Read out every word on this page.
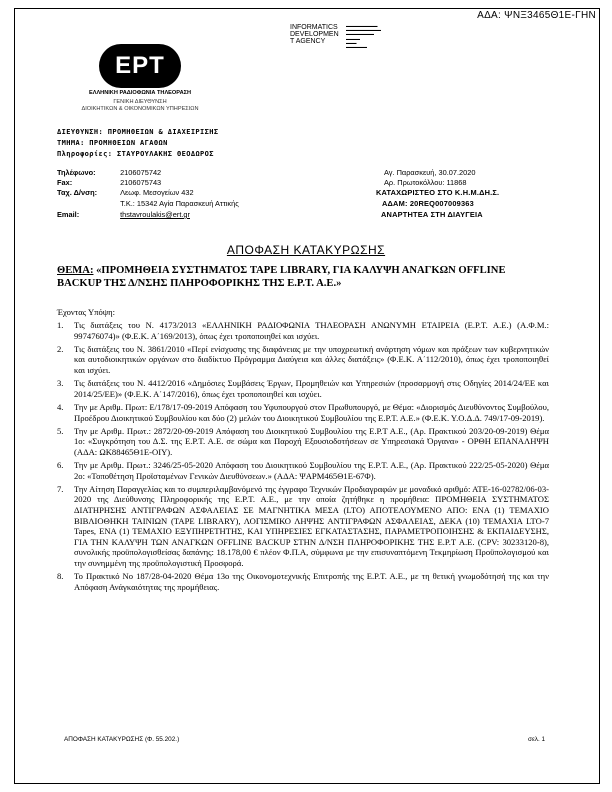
ΑΔΑ: ΨΝΞ3465Θ1Ε-ΓΗΝ
INFORMATICS
DEVELOPMEN
T AGENCY
▬▬▬▬▬▬▬▬▬
▬▬▬▬▬▬▬▬▬▬
▬▬▬▬▬▬▬▬
▬▬▬▬
▬▬▬
▬▬▬▬▬▬
ΕΡΤ
ΕΛΛΗΝΙΚΗ ΡΑΔΙΟΦΩΝΙΑ ΤΗΛΕΟΡΑΣΗ
ΓΕΝΙΚΗ ΔΙΕΥΘΥΝΣΗ
ΔΙΟΙΚΗΤΙΚΩΝ & ΟΙΚΟΝΟΜΙΚΩΝ ΥΠΗΡΕΣΙΩΝ
ΔΙΕΥΘΥΝΣΗ: ΠΡΟΜΗΘΕΙΩΝ & ΔΙΑΧΕΙΡΙΣΗΣ
ΤΜΗΜΑ: ΠΡΟΜΗΘΕΙΩΝ ΑΓΑΘΩΝ
Πληροφορίες: ΣΤΑΥΡΟΥΛΑΚΗΣ ΘΕΟΔΩΡΟΣ
Τηλέφωνο:	2106075742
Fax:	2106075743
Ταχ. Δ/νση:	Λεωφ. Μεσογείων 432
Τ.Κ.: 15342 Αγία Παρασκευή Αττικής
Email:	thstavroulakis@ert.gr
Αγ. Παρασκευή, 30.07.2020
Αρ. Πρωτοκόλλου: 11868
ΚΑΤΑΧΩΡΙΣΤΕΟ ΣΤΟ Κ.Η.Μ.ΔΗ.Σ.
ΑΔΑΜ: 20REQ007009363
ΑΝΑΡΤΗΤΕΑ ΣΤΗ ΔΙΑΥΓΕΙΑ
ΑΠΟΦΑΣΗ ΚΑΤΑΚΥΡΩΣΗΣ
ΘΕΜΑ: «ΠΡΟΜΗΘΕΙΑ ΣΥΣΤΗΜΑΤΟΣ TAPE LIBRARY, ΓΙΑ ΚΑΛΥΨΗ ΑΝΑΓΚΩΝ OFFLINE BACKUP ΤΗΣ Δ/ΝΣΗΣ ΠΛΗΡΟΦΟΡΙΚΗΣ ΤΗΣ Ε.Ρ.Τ. Α.Ε.»
Έχοντας Υπόψη:
1.	Τις διατάξεις του Ν. 4173/2013 «ΕΛΛΗΝΙΚΗ ΡΑΔΙΟΦΩΝΙΑ ΤΗΛΕΟΡΑΣΗ ΑΝΩΝΥΜΗ ΕΤΑΙΡΕΙΑ (Ε.Ρ.Τ. Α.Ε.) (Α.Φ.Μ.: 997476074)» (Φ.Ε.Κ. Α΄169/2013), όπως έχει τροποποιηθεί και ισχύει.
2.	Τις διατάξεις του Ν. 3861/2010 «Περί ενίσχυσης της διαφάνειας με την υποχρεωτική ανάρτηση νόμων και πράξεων των κυβερνητικών και αυτοδιοικητικών οργάνων στο διαδίκτυο Πρόγραμμα Διαύγεια και άλλες διατάξεις» (Φ.Ε.Κ. Α΄112/2010), όπως έχει τροποποιηθεί και ισχύει.
3.	Τις διατάξεις του Ν. 4412/2016 «Δημόσιες Συμβάσεις Έργων, Προμηθειών και Υπηρεσιών (προσαρμογή στις Οδηγίες 2014/24/ΕΕ και 2014/25/ΕΕ)» (Φ.Ε.Κ. Α΄147/2016), όπως έχει τροποποιηθεί και ισχύει.
4.	Την με Αριθμ. Πρωτ: Ε/178/17-09-2019 Απόφαση του Υφυπουργού στον Πρωθυπουργό, με Θέμα: «Διορισμός Διευθύνοντος Συμβούλου, Προέδρου Διοικητικού Συμβουλίου και δύο (2) μελών του Διοικητικού Συμβουλίου της Ε.Ρ.Τ. Α.Ε.» (Φ.Ε.Κ. Υ.Ο.Δ.Δ. 749/17-09-2019).
5.	Την με Αριθμ. Πρωτ.: 2872/20-09-2019 Απόφαση του Διοικητικού Συμβουλίου της Ε.Ρ.Τ Α.Ε., (Αρ. Πρακτικού 203/20-09-2019) Θέμα 1ο: «Συγκρότηση του Δ.Σ. της Ε.Ρ.Τ. Α.Ε. σε σώμα και Παροχή Εξουσιοδοτήσεων σε Υπηρεσιακά Όργανα» - ΟΡΘΗ ΕΠΑΝΑΛΗΨΗ (ΑΔΑ: ΩΚ88465Θ1Ε-ΟΙΥ).
6.	Την με Αριθμ. Πρωτ.: 3246/25-05-2020 Απόφαση του Διοικητικού Συμβουλίου της Ε.Ρ.Τ. Α.Ε., (Αρ. Πρακτικού 222/25-05-2020) Θέμα 2ο: «Τοποθέτηση Προϊσταμένων Γενικών Διευθύνσεων.» (ΑΔΑ: ΨΑΡΜ465Θ1Ε-67Φ).
7.	Την Αίτηση Παραγγελίας και το συμπεριλαμβανόμενό της έγγραφο Τεχνικών Προδιαγραφών με μοναδικό αριθμό: ΑΤΕ-16-02782/06-03-2020 της Διεύθυνσης Πληροφορικής της Ε.Ρ.Τ. Α.Ε., με την οποία ζητήθηκε η προμήθεια: ΠΡΟΜΗΘΕΙΑ ΣΥΣΤΗΜΑΤΟΣ ΔΙΑΤΗΡΗΣΗΣ ΑΝΤΙΓΡΑΦΩΝ ΑΣΦΑΛΕΙΑΣ ΣΕ ΜΑΓΝΗΤΙΚΑ ΜΕΣΑ (LTO) ΑΠΟΤΕΛΟΥΜΕΝΟ ΑΠΟ: ΕΝΑ (1) ΤΕΜΑΧΙΟ ΒΙΒΛΙΟΘΗΚΗ ΤΑΙΝΙΩΝ (TAPE LIBRARY), ΛΟΓΙΣΜΙΚΟ ΛΗΨΗΣ ΑΝΤΙΓΡΑΦΩΝ ΑΣΦΑΛΕΙΑΣ, ΔΕΚΑ (10) ΤΕΜΑΧΙΑ LTO-7 Tapes, ΕΝΑ (1) ΤΕΜΑΧΙΟ ΕΞΥΠΗΡΕΤΗΤΗΣ, ΚΑΙ ΥΠΗΡΕΣΙΕΣ ΕΓΚΑΤΑΣΤΑΣΗΣ, ΠΑΡΑΜΕΤΡΟΠΟΙΗΣΗΣ & ΕΚΠΑΙΔΕΥΣΗΣ, ΓΙΑ ΤΗΝ ΚΑΛΥΨΗ ΤΩΝ ΑΝΑΓΚΩΝ OFFLINE BACKUP ΣΤΗΝ Δ/ΝΣΗ ΠΛΗΡΟΦΟΡΙΚΗΣ ΤΗΣ Ε.Ρ.Τ Α.Ε. (CPV: 30233120-8), συνολικής προϋπολογισθείσας δαπάνης: 18.178,00 € πλέον Φ.Π.Α, σύμφωνα με την επισυναπτόμενη Τεκμηρίωση Προϋπολογισμού και την συνημμένη της προϋπολογιστική Προσφορά.
8.	Το Πρακτικό Νο 187/28-04-2020 Θέμα 13ο της Οικονομοτεχνικής Επιτροπής της Ε.Ρ.Τ. Α.Ε., με τη θετική γνωμοδότησή της και την Απόφαση Ανάγκαιότητας της προμήθειας.
ΑΠΟΦΑΣΗ ΚΑΤΑΚΥΡΩΣΗΣ (Φ. 55.202.)	σελ. 1
